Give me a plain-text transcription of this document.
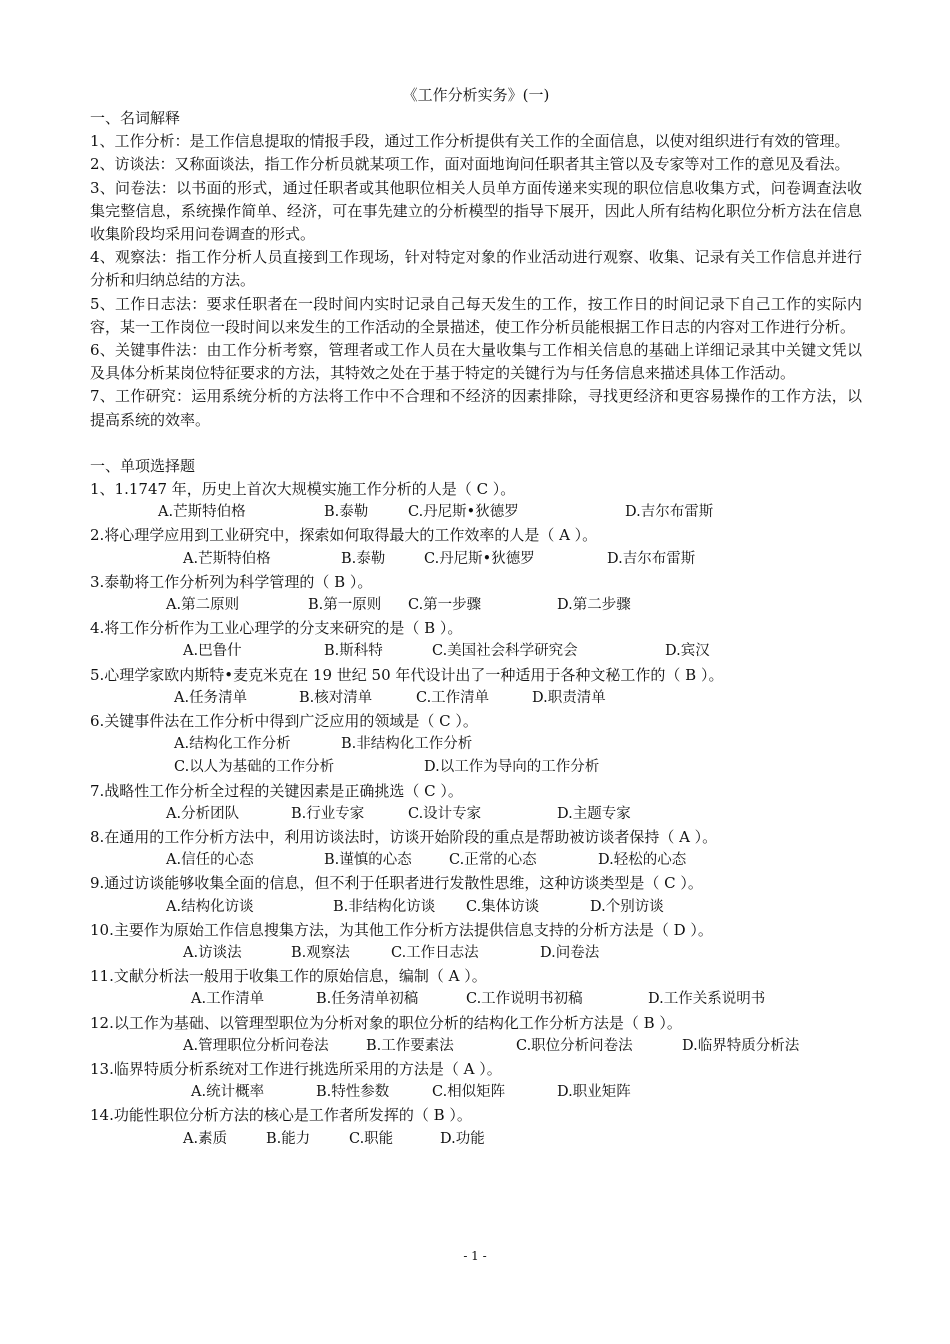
《工作分析实务》(一)
一、名词解释
1、工作分析：是工作信息提取的情报手段，通过工作分析提供有关工作的全面信息，以使对组织进行有效的管理。
2、访谈法：又称面谈法，指工作分析员就某项工作，面对面地询问任职者其主管以及专家等对工作的意见及看法。
3、问卷法：以书面的形式，通过任职者或其他职位相关人员单方面传递来实现的职位信息收集方式，问卷调查法收集完整信息，系统操作简单、经济，可在事先建立的分析模型的指导下展开，因此人所有结构化职位分析方法在信息收集阶段均采用问卷调查的形式。
4、观察法：指工作分析人员直接到工作现场，针对特定对象的作业活动进行观察、收集、记录有关工作信息并进行分析和归纳总结的方法。
5、工作日志法：要求任职者在一段时间内实时记录自己每天发生的工作，按工作日的时间记录下自己工作的实际内容，某一工作岗位一段时间以来发生的工作活动的全景描述，使工作分析员能根据工作日志的内容对工作进行分析。
6、关键事件法：由工作分析考察，管理者或工作人员在大量收集与工作相关信息的基础上详细记录其中关键文凭以及具体分析某岗位特征要求的方法，其特效之处在于基于特定的关键行为与任务信息来描述具体工作活动。
7、工作研究：运用系统分析的方法将工作中不合理和不经济的因素排除，寻找更经济和更容易操作的工作方法，以提高系统的效率。
一、单项选择题
1、1.1747 年，历史上首次大规模实施工作分析的人是（ C ）。
A.芒斯特伯格	B.泰勒	C.丹尼斯•狄德罗	D.吉尔布雷斯
2.将心理学应用到工业研究中，探索如何取得最大的工作效率的人是（ A ）。
A.芒斯特伯格	B.泰勒	C.丹尼斯•狄德罗	D.吉尔布雷斯
3.泰勒将工作分析列为科学管理的（ B ）。
A.第二原则	B.第一原则 C.第一步骤	D.第二步骤
4.将工作分析作为工业心理学的分支来研究的是（ B ）。
A.巴鲁什	B.斯科特	C.美国社会科学研究会	D.宾汉
5.心理学家欧内斯特•麦克米克在 19 世纪 50 年代设计出了一种适用于各种文秘工作的（ B ）。
A.任务清单	B.核对清单	C.工作清单	D.职责清单
6.关键事件法在工作分析中得到广泛应用的领域是（ C ）。
A.结构化工作分析	B.非结构化工作分析
C.以人为基础的工作分析	D.以工作为导向的工作分析
7.战略性工作分析全过程的关键因素是正确挑选（ C ）。
A.分析团队	B.行业专家	C.设计专家	D.主题专家
8.在通用的工作分析方法中，利用访谈法时，访谈开始阶段的重点是帮助被访谈者保持（ A ）。
A.信任的心态	B.谨慎的心态	C.正常的心态	D.轻松的心态
9.通过访谈能够收集全面的信息，但不利于任职者进行发散性思维，这种访谈类型是（ C ）。
A.结构化访谈	B.非结构化访谈 C.集体访谈	D.个别访谈
10.主要作为原始工作信息搜集方法，为其他工作分析方法提供信息支持的分析方法是（ D ）。
A.访谈法	B.观察法	C.工作日志法	D.问卷法
11.文献分析法一般用于收集工作的原始信息，编制（ A ）。
A.工作清单	B.任务清单初稿	C.工作说明书初稿	D.工作关系说明书
12.以工作为基础、以管理型职位为分析对象的职位分析的结构化工作分析方法是（ B ）。
A.管理职位分析问卷法	B.工作要素法	C.职位分析问卷法	D.临界特质分析法
13.临界特质分析系统对工作进行挑选所采用的方法是（ A ）。
A.统计概率	B.特性参数	C.相似矩阵	D.职业矩阵
14.功能性职位分析方法的核心是工作者所发挥的（ B ）。
A.素质	B.能力	C.职能	D.功能
- 1 -
